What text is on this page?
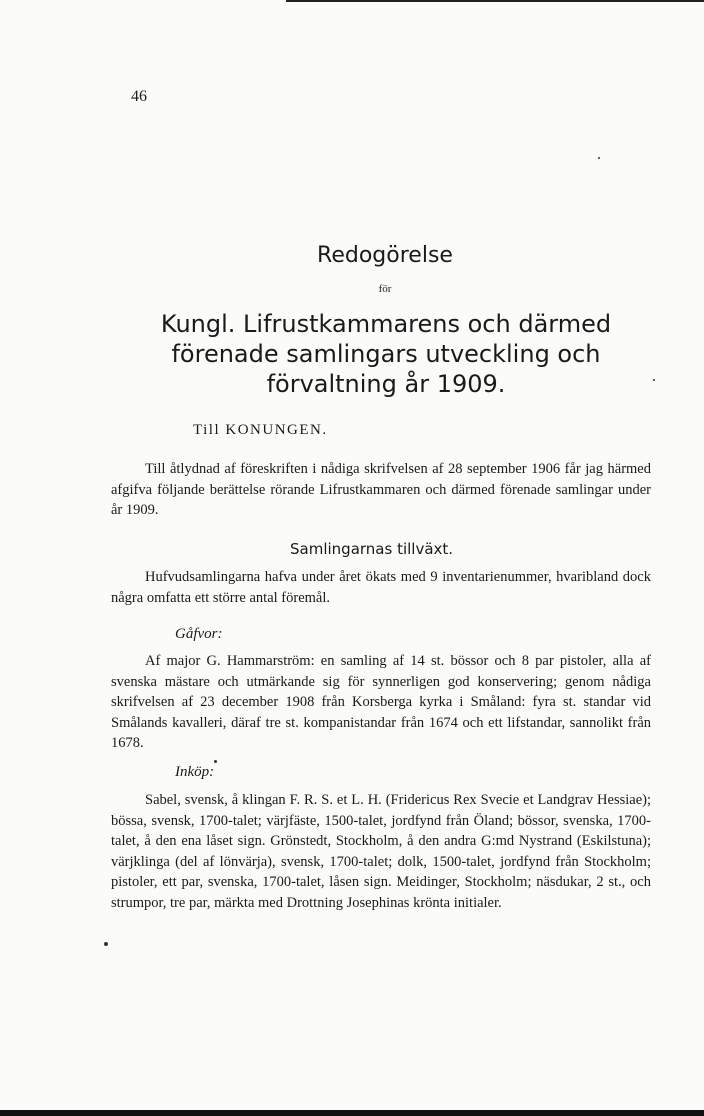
46
Redogörelse
för
Kungl. Lifrustkammarens och därmed förenade samlingars utveckling och förvaltning år 1909.
Till KONUNGEN.

Till åtlydnad af föreskriften i nådiga skrifvelsen af 28 september 1906 får jag härmed afgifva följande berättelse rörande Lifrustkammaren och därmed förenade samlingar under år 1909.

Samlingarnas tillväxt.

Hufvudsamlingarna hafva under året ökats med 9 inventarienummer, hvaribland dock några omfatta ett större antal föremål.

Gåfvor:

Af major G. Hammarström: en samling af 14 st. bössor och 8 par pistoler, alla af svenska mästare och utmärkande sig för synnerligen god konservering; genom nådiga skrifvelsen af 23 december 1908 från Korsberga kyrka i Småland: fyra st. standar vid Smålands kavalleri, däraf tre st. kompanistandar från 1674 och ett lifstandar, sannolikt från 1678.

Inköp:

Sabel, svensk, å klingan F. R. S. et L. H. (Fridericus Rex Svecie et Landgrav Hessiae); bössa, svensk, 1700-talet; värjfäste, 1500-talet, jordfynd från Öland; bössor, svenska, 1700-talet, å den ena låset sign. Grönstedt, Stockholm, å den andra G:md Nystrand (Eskilstuna); värjklinga (del af lönvärja), svensk, 1700-talet; dolk, 1500-talet, jordfynd från Stockholm; pistoler, ett par, svenska, 1700-talet, låsen sign. Meidinger, Stockholm; näsdukar, 2 st., och strumpor, tre par, märkta med Drottning Josephinas krönta initialer.
